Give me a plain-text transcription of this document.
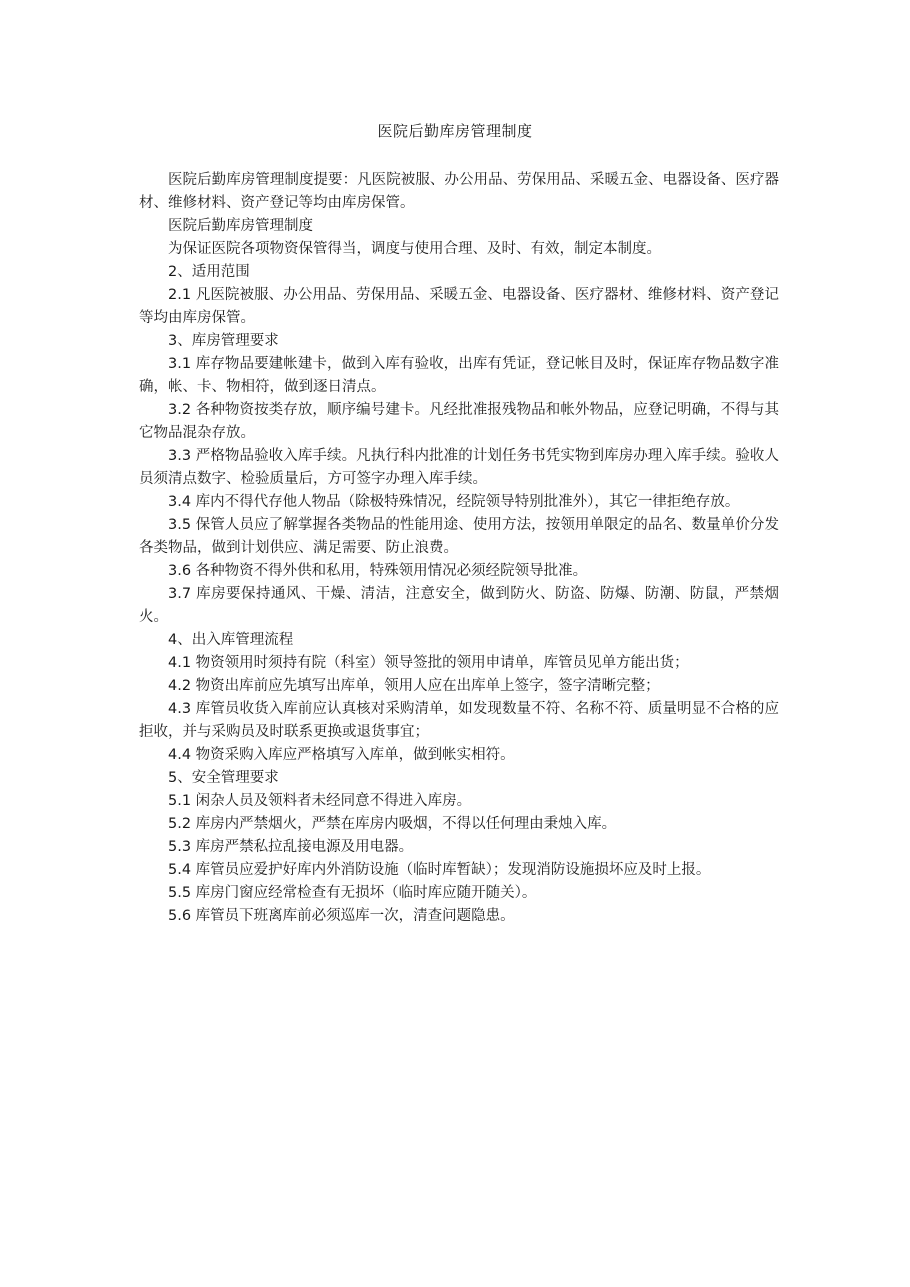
医院后勤库房管理制度

医院后勤库房管理制度提要：凡医院被服、办公用品、劳保用品、采暖五金、电器设备、医疗器材、维修材料、资产登记等均由库房保管。

医院后勤库房管理制度

为保证医院各项物资保管得当，调度与使用合理、及时、有效，制定本制度。

2、适用范围

2.1 凡医院被服、办公用品、劳保用品、采暖五金、电器设备、医疗器材、维修材料、资产登记等均由库房保管。

3、库房管理要求

3.1 库存物品要建帐建卡，做到入库有验收，出库有凭证，登记帐目及时，保证库存物品数字准确，帐、卡、物相符，做到逐日清点。

3.2 各种物资按类存放，顺序编号建卡。凡经批准报残物品和帐外物品，应登记明确，不得与其它物品混杂存放。

3.3 严格物品验收入库手续。凡执行科内批准的计划任务书凭实物到库房办理入库手续。验收人员须清点数字、检验质量后，方可签字办理入库手续。

3.4 库内不得代存他人物品（除极特殊情况，经院领导特别批准外），其它一律拒绝存放。

3.5 保管人员应了解掌握各类物品的性能用途、使用方法，按领用单限定的品名、数量单价分发各类物品，做到计划供应、满足需要、防止浪费。

3.6 各种物资不得外供和私用，特殊领用情况必须经院领导批准。

3.7 库房要保持通风、干燥、清洁，注意安全，做到防火、防盗、防爆、防潮、防鼠，严禁烟火。

4、出入库管理流程

4.1 物资领用时须持有院（科室）领导签批的领用申请单，库管员见单方能出货；

4.2 物资出库前应先填写出库单，领用人应在出库单上签字，签字清晰完整；

4.3 库管员收货入库前应认真核对采购清单，如发现数量不符、名称不符、质量明显不合格的应拒收，并与采购员及时联系更换或退货事宜；

4.4 物资采购入库应严格填写入库单，做到帐实相符。

5、安全管理要求

5.1 闲杂人员及领料者未经同意不得进入库房。

5.2 库房内严禁烟火，严禁在库房内吸烟，不得以任何理由秉烛入库。

5.3 库房严禁私拉乱接电源及用电器。

5.4 库管员应爱护好库内外消防设施（临时库暂缺）；发现消防设施损坏应及时上报。

5.5 库房门窗应经常检查有无损坏（临时库应随开随关）。

5.6 库管员下班离库前必须巡库一次，清查问题隐患。
